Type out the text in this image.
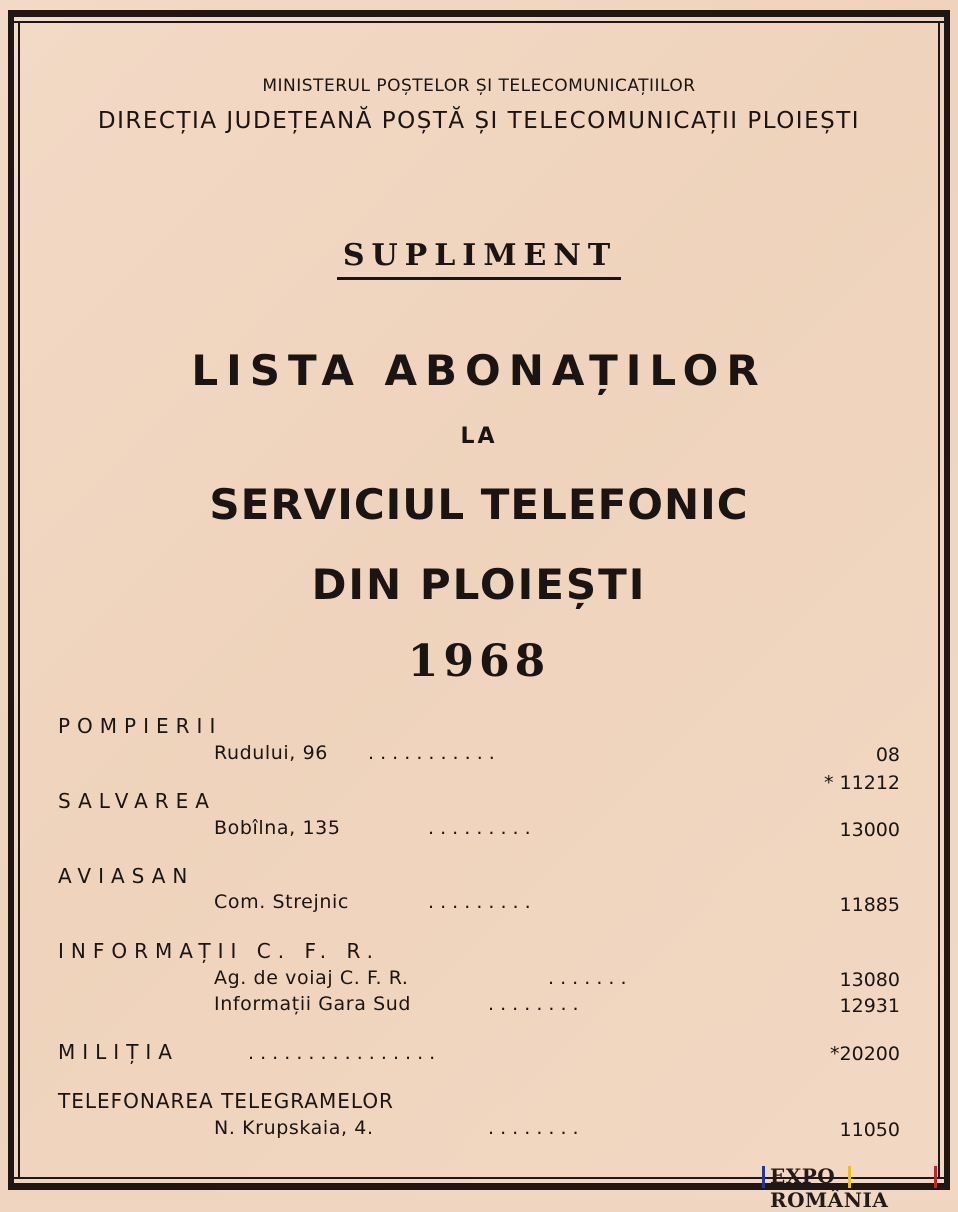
MINISTERUL POȘTELOR ȘI TELECOMUNICAȚIILOR
DIRECȚIA JUDEȚEANĂ POȘTĂ ȘI TELECOMUNICAȚII PLOIEȘTI
SUPLIMENT
LISTA ABONAȚILOR
LA
SERVICIUL TELEFONIC
DIN PLOIEȘTI
1968
POMPIERII
Rudului, 96 . . . . . . . . . . .	08
* 11212
SALVAREA
Bobîlna, 135	. . . . . . . . .	13000
AVIASAN
Com. Strejnic	. . . . . . . . .	11885
INFORMAȚII C. F. R.
Ag. de voiaj C. F. R.	. . . . . . .	13080
Informații Gara Sud	. . . . . . . .	12931
MILIȚIA	. . . . . . . . . . . . . . . .	*20200
TELEFONAREA TELEGRAMELOR
N. Krupskaia, 4.	. . . . . . . .	11050
EXPO ROMÂNIA
